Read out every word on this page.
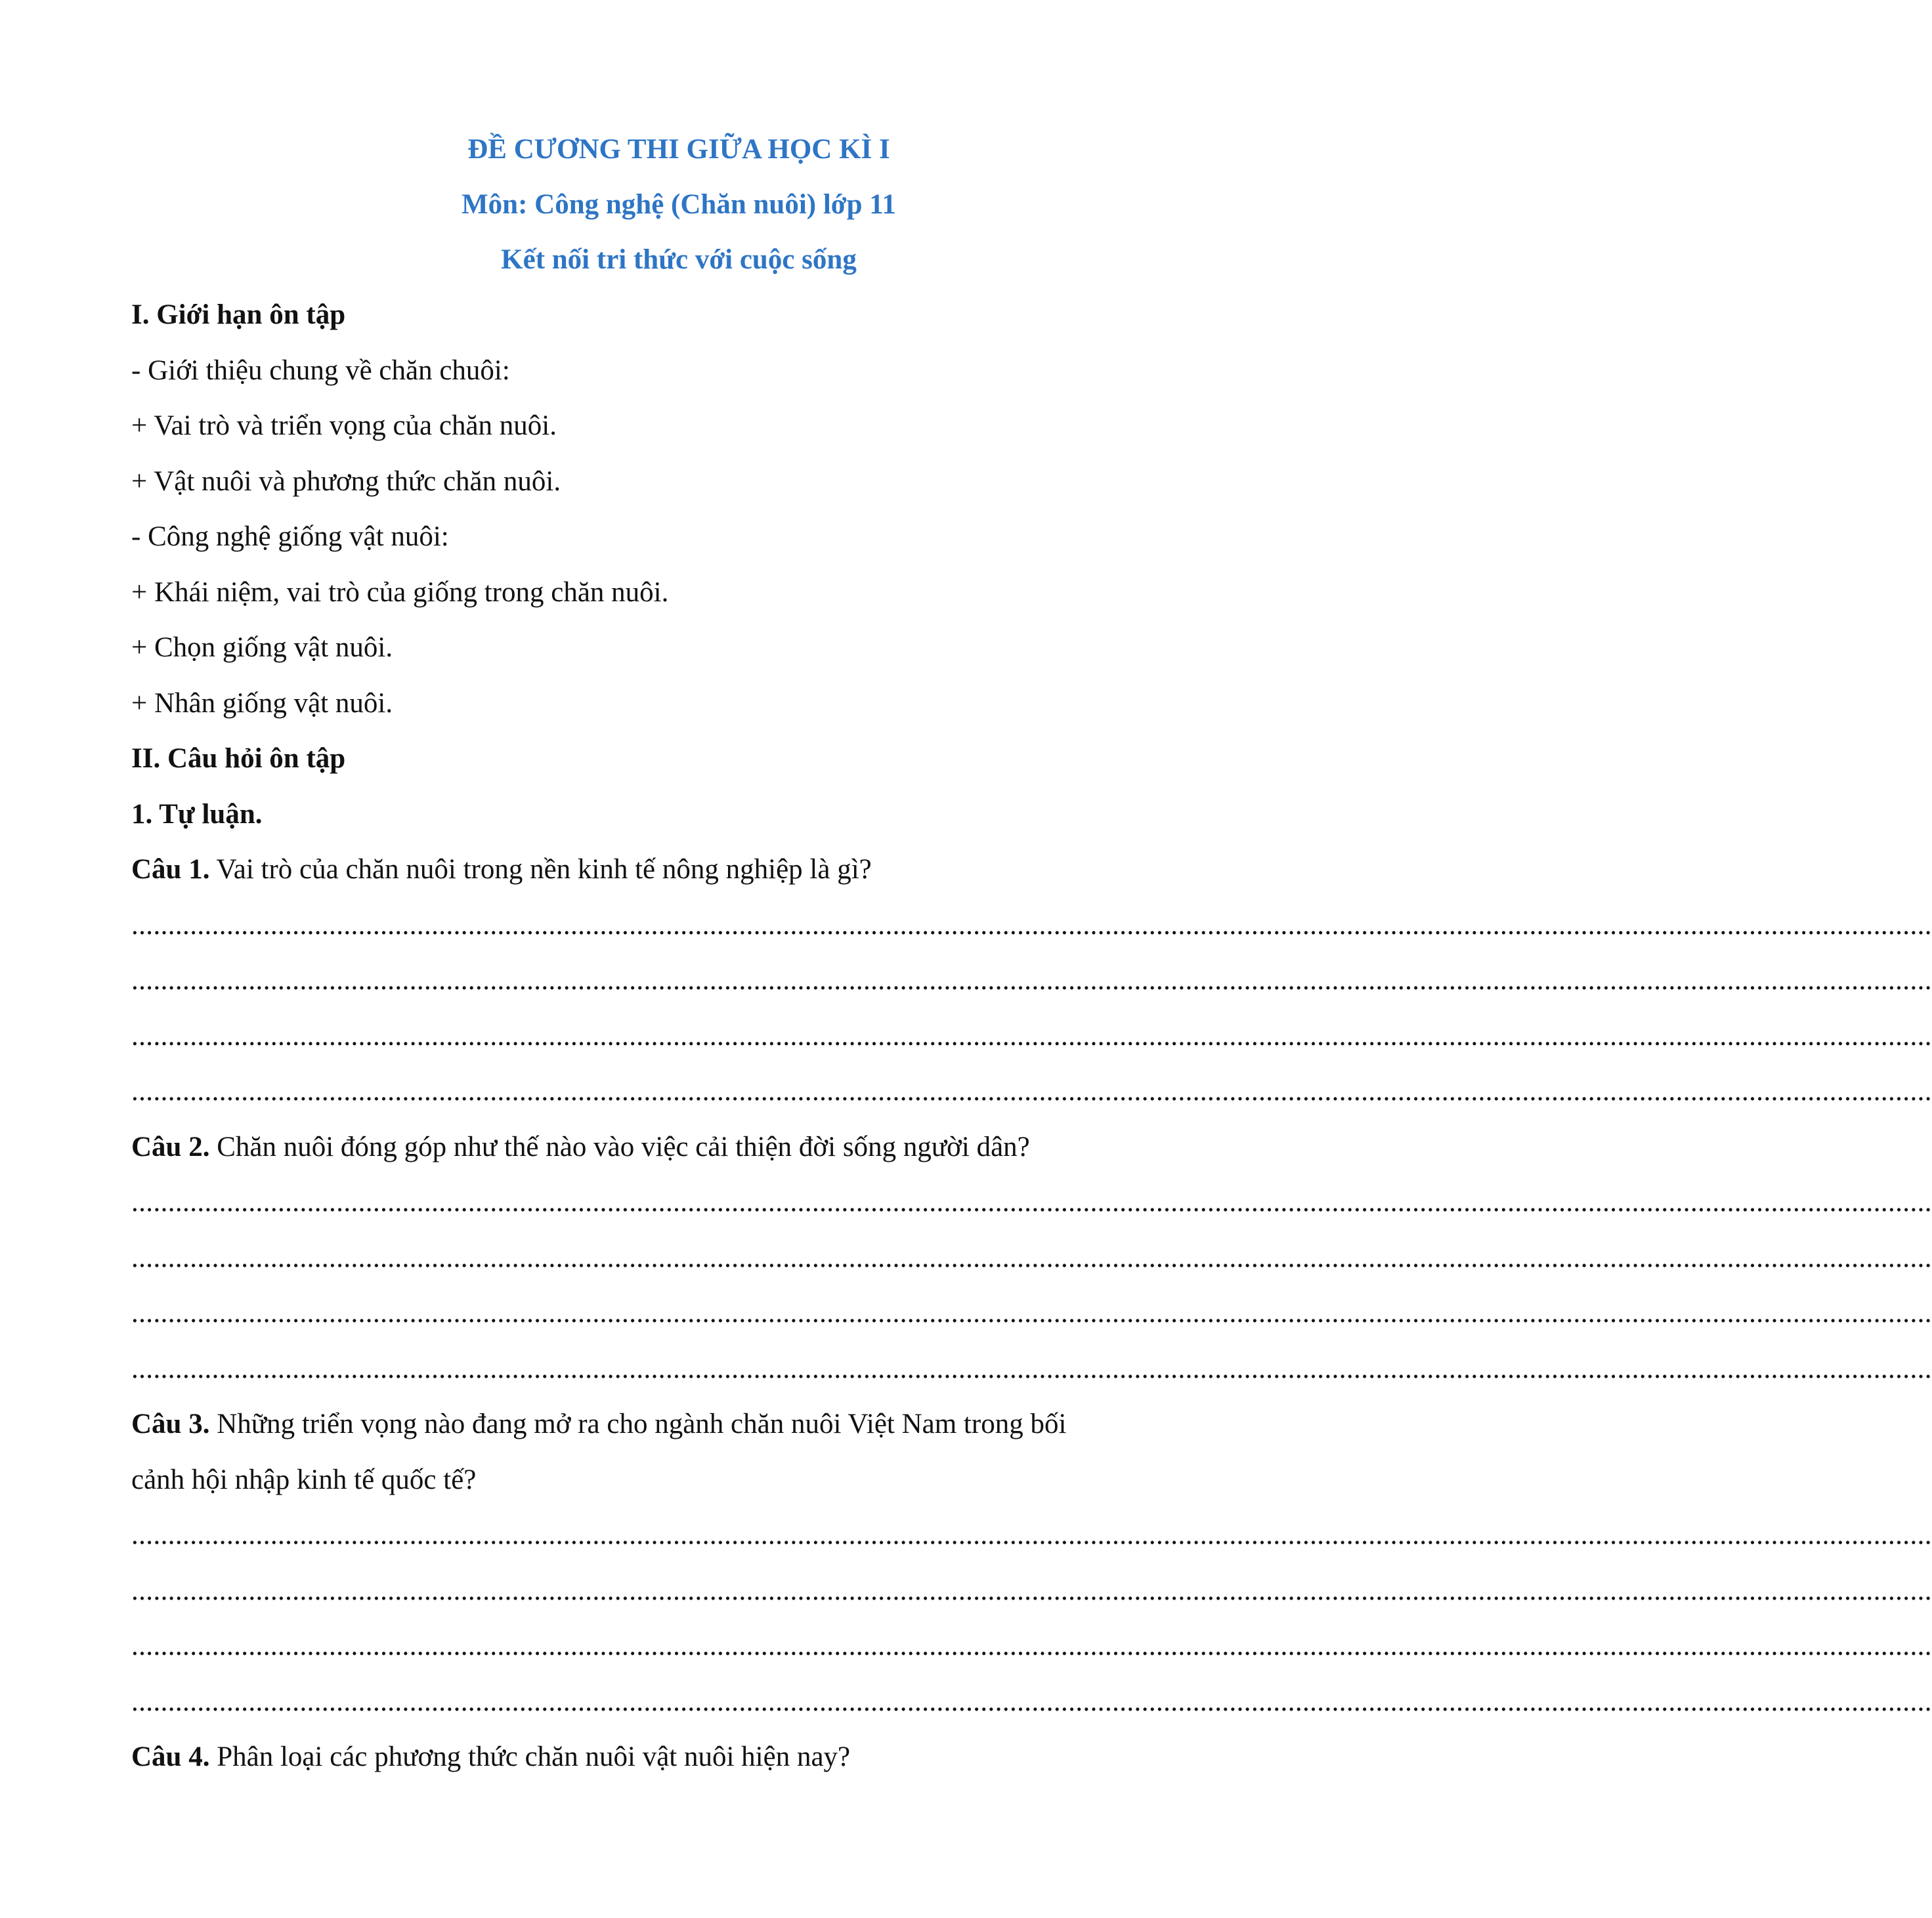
ĐỀ CƯƠNG THI GIỮA HỌC KÌ I
Môn: Công nghệ (Chăn nuôi) lớp 11
Kết nối tri thức với cuộc sống
I. Giới hạn ôn tập
- Giới thiệu chung về chăn chuôi:
+ Vai trò và triển vọng của chăn nuôi.
+ Vật nuôi và phương thức chăn nuôi.
- Công nghệ giống vật nuôi:
+ Khái niệm, vai trò của giống trong chăn nuôi.
+ Chọn giống vật nuôi.
+ Nhân giống vật nuôi.
II. Câu hỏi ôn tập
1. Tự luận.
Câu 1. Vai trò của chăn nuôi trong nền kinh tế nông nghiệp là gì?
......................................................................................................................................................................................................................................................
......................................................................................................................................................................................................................................................
......................................................................................................................................................................................................................................................
......................................................................................................................................................................................................................................................
Câu 2. Chăn nuôi đóng góp như thế nào vào việc cải thiện đời sống người dân?
......................................................................................................................................................................................................................................................
......................................................................................................................................................................................................................................................
......................................................................................................................................................................................................................................................
......................................................................................................................................................................................................................................................
Câu 3. Những triển vọng nào đang mở ra cho ngành chăn nuôi Việt Nam trong bối
cảnh hội nhập kinh tế quốc tế?
......................................................................................................................................................................................................................................................
......................................................................................................................................................................................................................................................
......................................................................................................................................................................................................................................................
......................................................................................................................................................................................................................................................
Câu 4. Phân loại các phương thức chăn nuôi vật nuôi hiện nay?
